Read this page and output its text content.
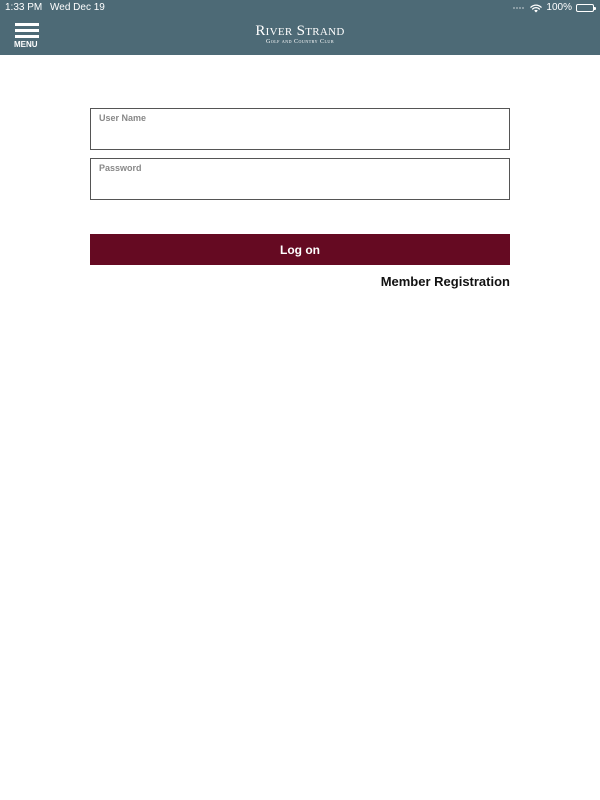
1:33 PM Wed Dec 19	100%
MENU
River Strand
Golf and Country Club
User Name
Password
Log on
Member Registration
